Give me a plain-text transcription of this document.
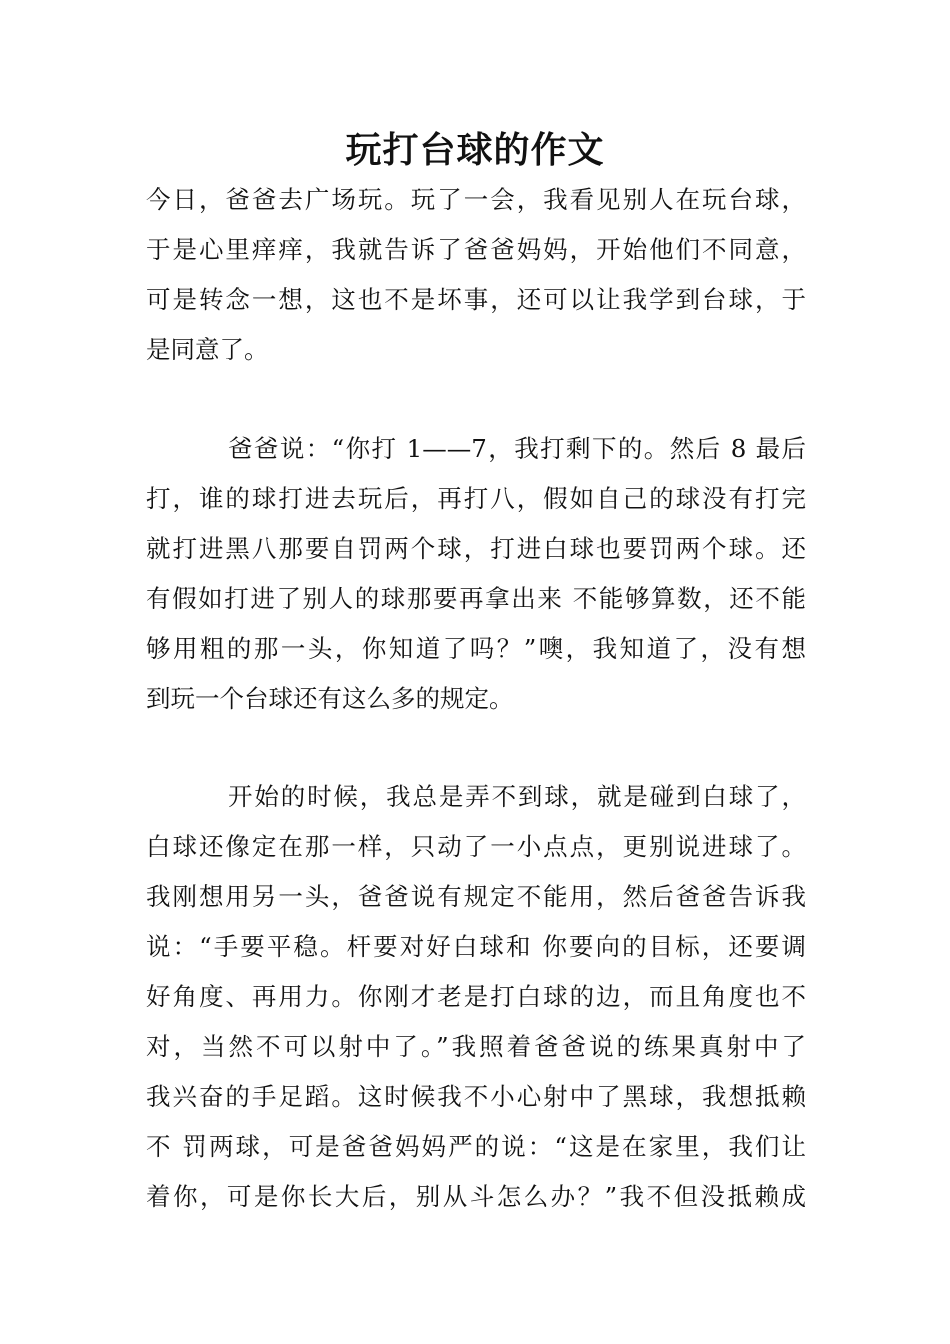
玩打台球的作文

今日，爸爸去广场玩。玩了一会，我看见别人在玩台球，

于是心里痒痒，我就告诉了爸爸妈妈，开始他们不同意，

可是转念一想，这也不是坏事，还可以让我学到台球，于

是同意了。

爸爸说：“你打 1——7，我打剩下的。然后 8 最后

打，谁的球打进去玩后，再打八，假如自己的球没有打完

就打进黑八那要自罚两个球，打进白球也要罚两个球。还

有假如打进了别人的球那要再拿出来 不能够算数，还不能

够用粗的那一头，你知道了吗？”噢，我知道了，没有想

到玩一个台球还有这么多的规定。

开始的时候，我总是弄不到球，就是碰到白球了，

白球还像定在那一样，只动了一小点点，更别说进球了。

我刚想用另一头，爸爸说有规定不能用，然后爸爸告诉我

说：“手要平稳。杆要对好白球和 你要向的目标，还要调

好角度、再用力。你刚才老是打白球的边，而且角度也不

对，当然不可以射中了。”我照着爸爸说的练果真射中了

我兴奋的手足蹈。这时候我不小心射中了黑球，我想抵赖

不 罚两球，可是爸爸妈妈严的说：“这是在家里，我们让

着你，可是你长大后，别从斗怎么办？”我不但没抵赖成
